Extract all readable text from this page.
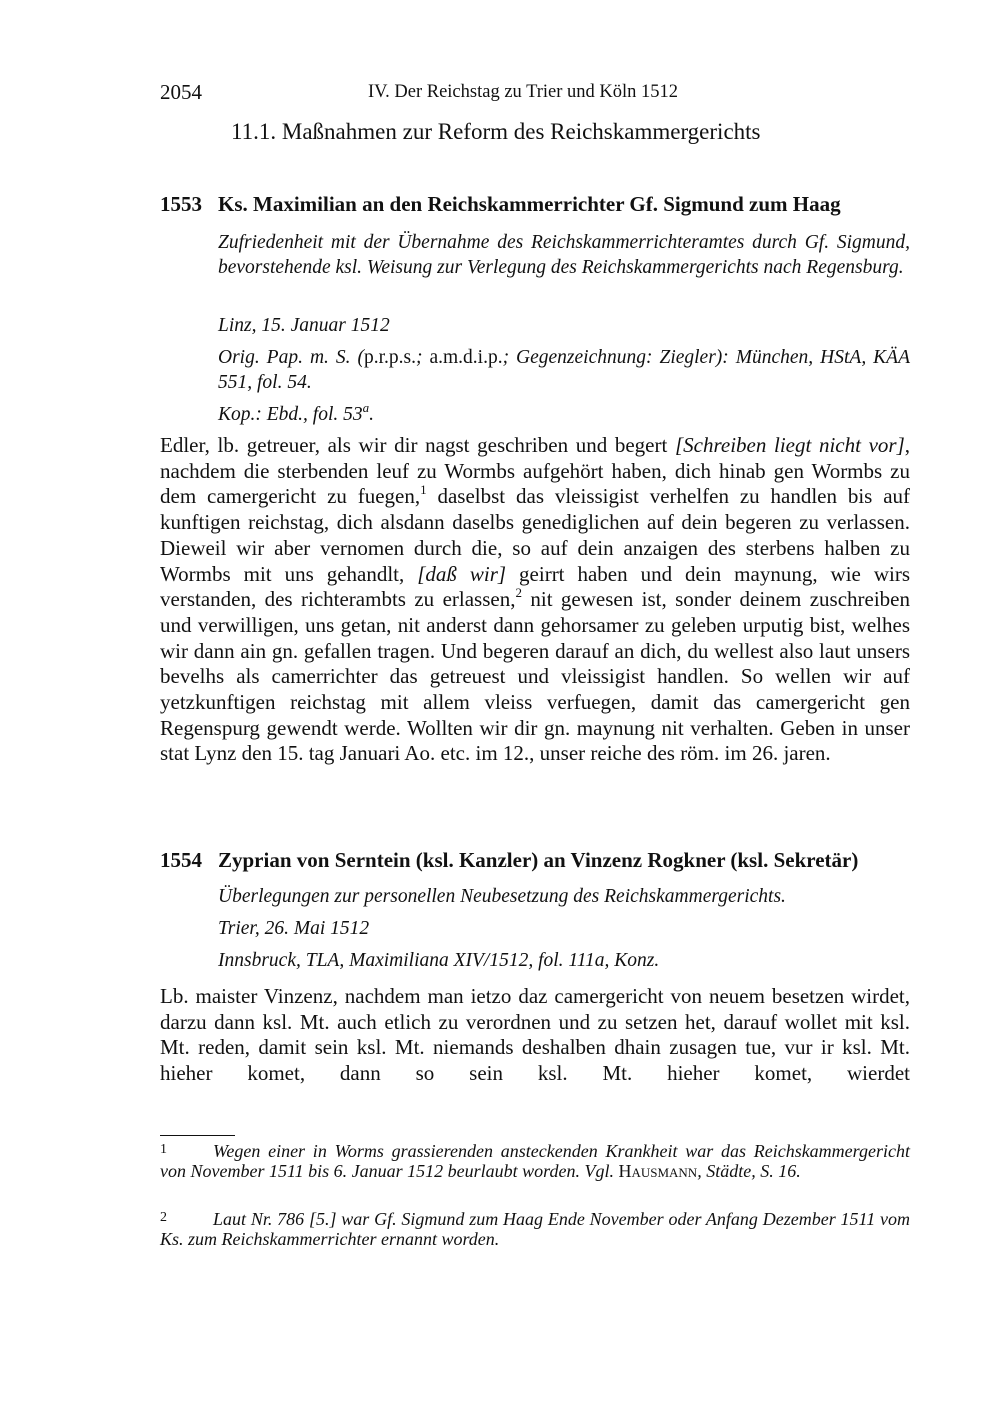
2054	IV. Der Reichstag zu Trier und Köln 1512
11.1. Maßnahmen zur Reform des Reichskammergerichts
1553 Ks. Maximilian an den Reichskammerrichter Gf. Sigmund zum Haag
Zufriedenheit mit der Übernahme des Reichskammerrichteramtes durch Gf. Sigmund, bevorstehende ksl. Weisung zur Verlegung des Reichskammergerichts nach Regensburg.
Linz, 15. Januar 1512
Orig. Pap. m. S. (p.r.p.s.; a.m.d.i.p.; Gegenzeichnung: Ziegler): München, HStA, KÄA 551, fol. 54.
Kop.: Ebd., fol. 53$^a$.

Edler, lb. getreuer, als wir dir nagst geschriben und begert [Schreiben liegt nicht vor], nachdem die sterbenden leuf zu Wormbs aufgehört haben, dich hinab gen Wormbs zu dem camergericht zu fuegen,$^1$ daselbst das vleissigist verhelfen zu handlen bis auf kunftigen reichstag, dich alsdann daselbs genediglichen auf dein begeren zu verlassen. Dieweil wir aber vernomen durch die, so auf dein anzaigen des sterbens halben zu Wormbs mit uns gehandlt, [daß wir] geirrt haben und dein maynung, wie wirs verstanden, des richterambts zu erlassen,$^2$ nit gewesen ist, sonder deinem zuschreiben und verwilligen, uns getan, nit anderst dann gehorsamer zu geleben urputig bist, welhes wir dann ain gn. gefallen tragen. Und begeren darauf an dich, du wellest also laut unsers bevelhs als camerrichter das getreuest und vleissigist handlen. So wellen wir auf yetzkunftigen reichstag mit allem vleiss verfuegen, damit das camergericht gen Regenspurg gewendt werde. Wollten wir dir gn. maynung nit verhalten. Geben in unser stat Lynz den 15. tag Januari Ao. etc. im 12., unser reiche des röm. im 26. jaren.

1554 Zyprian von Serntein (ksl. Kanzler) an Vinzenz Rogkner (ksl. Sekretär)
Überlegungen zur personellen Neubesetzung des Reichskammergerichts.
Trier, 26. Mai 1512
Innsbruck, TLA, Maximiliana XIV/1512, fol. 111a, Konz.

Lb. maister Vinzenz, nachdem man ietzo daz camergericht von neuem besetzen wirdet, darzu dann ksl. Mt. auch etlich zu verordnen und zu setzen het, darauf wollet mit ksl. Mt. reden, damit sein ksl. Mt. niemands deshalben dhain zusagen tue, vur ir ksl. Mt. hieher komet, dann so sein ksl. Mt. hieher komet, wierdet

1	Wegen einer in Worms grassierenden ansteckenden Krankheit war das Reichskammergericht von November 1511 bis 6. Januar 1512 beurlaubt worden. Vgl. Hausmann, Städte, S. 16.
2	Laut Nr. 786 [5.] war Gf. Sigmund zum Haag Ende November oder Anfang Dezember 1511 vom Ks. zum Reichskammerrichter ernannt worden.
